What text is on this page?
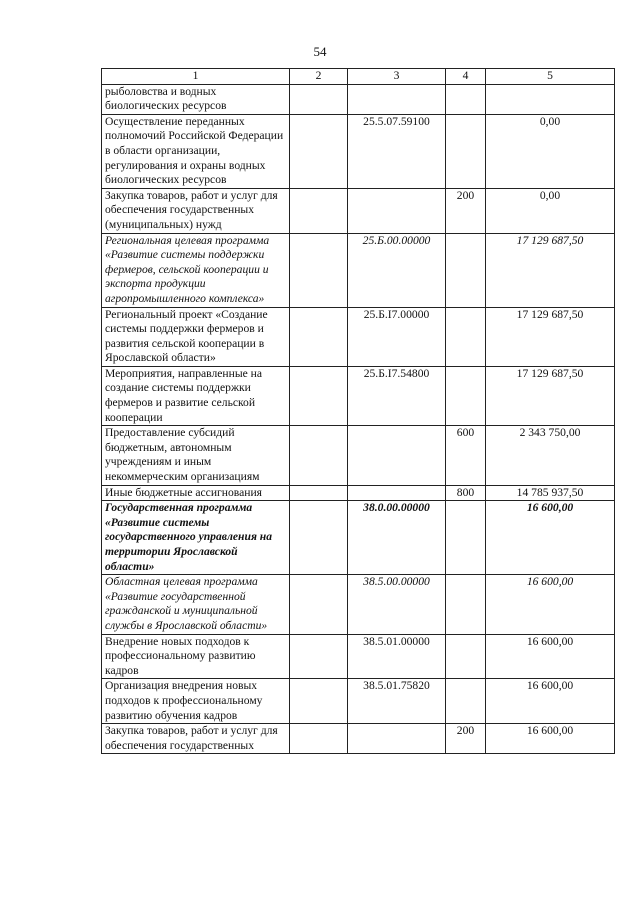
54
1	2	3	4	5
рыболовства и водных биологических ресурсов				
Осуществление переданных полномочий Российской Федерации в области организации, регулирования и охраны водных биологических ресурсов		25.5.07.59100		0,00
Закупка товаров, работ и услуг для обеспечения государственных (муниципальных) нужд			200	0,00
Региональная целевая программа «Развитие системы поддержки фермеров, сельской кооперации и экспорта продукции агропромышленного комплекса»		25.Б.00.00000		17 129 687,50
Региональный проект «Создание системы поддержки фермеров и развития сельской кооперации в Ярославской области»		25.Б.I7.00000		17 129 687,50
Мероприятия, направленные на создание системы поддержки фермеров и развитие сельской кооперации		25.Б.I7.54800		17 129 687,50
Предоставление субсидий бюджетным, автономным учреждениям и иным некоммерческим организациям			600	2 343 750,00
Иные бюджетные ассигнования			800	14 785 937,50
Государственная программа «Развитие системы государственного управления на территории Ярославской области»		38.0.00.00000		16 600,00
Областная целевая программа «Развитие государственной гражданской и муниципальной службы в Ярославской области»		38.5.00.00000		16 600,00
Внедрение новых подходов к профессиональному развитию кадров		38.5.01.00000		16 600,00
Организация внедрения новых подходов к профессиональному развитию обучения кадров		38.5.01.75820		16 600,00
Закупка товаров, работ и услуг для обеспечения государственных			200	16 600,00
